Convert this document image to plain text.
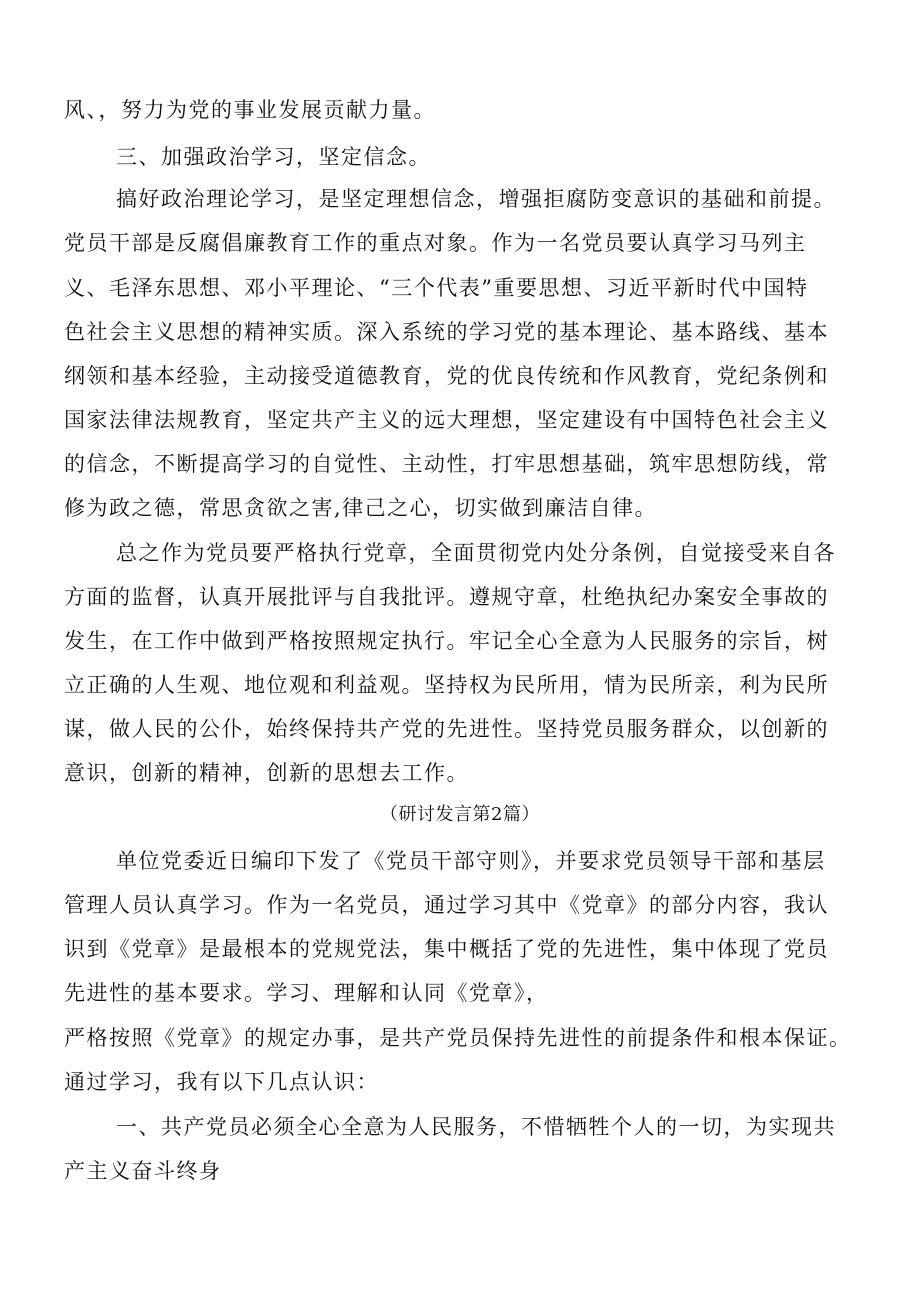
风、，努力为党的事业发展贡献力量。
三、加强政治学习，坚定信念。
搞好政治理论学习，是坚定理想信念，增强拒腐防变意识的基础和前提。
党员干部是反腐倡廉教育工作的重点对象。作为一名党员要认真学习马列主
义、毛泽东思想、邓小平理论、“三个代表”重要思想、习近平新时代中国特
色社会主义思想的精神实质。深入系统的学习党的基本理论、基本路线、基本
纲领和基本经验，主动接受道德教育，党的优良传统和作风教育，党纪条例和
国家法律法规教育，坚定共产主义的远大理想，坚定建设有中国特色社会主义
的信念，不断提高学习的自觉性、主动性，打牢思想基础，筑牢思想防线，常
修为政之德，常思贪欲之害,律己之心，切实做到廉洁自律。
总之作为党员要严格执行党章，全面贯彻党内处分条例，自觉接受来自各
方面的监督，认真开展批评与自我批评。遵规守章，杜绝执纪办案安全事故的
发生，在工作中做到严格按照规定执行。牢记全心全意为人民服务的宗旨，树
立正确的人生观、地位观和利益观。坚持权为民所用，情为民所亲，利为民所
谋，做人民的公仆，始终保持共产党的先进性。坚持党员服务群众，以创新的
意识，创新的精神，创新的思想去工作。
（研讨发言第2篇）
单位党委近日编印下发了《党员干部守则》，并要求党员领导干部和基层
管理人员认真学习。作为一名党员，通过学习其中《党章》的部分内容，我认
识到《党章》是最根本的党规党法，集中概括了党的先进性，集中体现了党员
先进性的基本要求。学习、理解和认同《党章》，
严格按照《党章》的规定办事，是共产党员保持先进性的前提条件和根本保证。
通过学习，我有以下几点认识：
一、共产党员必须全心全意为人民服务，不惜牺牲个人的一切，为实现共
产主义奋斗终身
